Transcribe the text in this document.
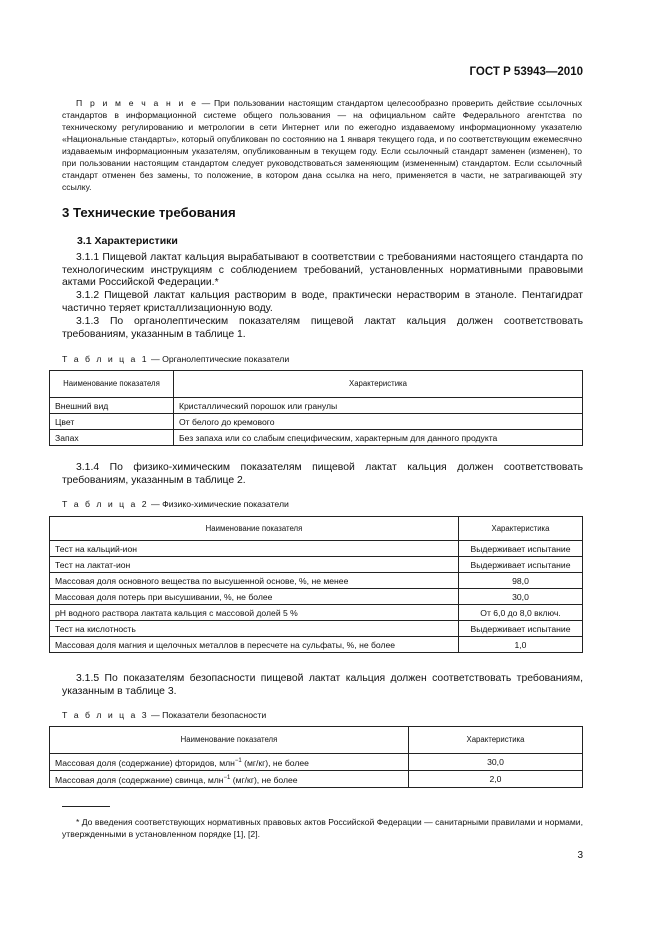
ГОСТ Р 53943—2010
П р и м е ч а н и е — При пользовании настоящим стандартом целесообразно проверить действие ссылочных стандартов в информационной системе общего пользования — на официальном сайте Федерального агентства по техническому регулированию и метрологии в сети Интернет или по ежегодно издаваемому информационному указателю «Национальные стандарты», который опубликован по состоянию на 1 января текущего года, и по соответствующим ежемесячно издаваемым информационным указателям, опубликованным в текущем году. Если ссылочный стандарт заменен (изменен), то при пользовании настоящим стандартом следует руководствоваться заменяющим (измененным) стандартом. Если ссылочный стандарт отменен без замены, то положение, в котором дана ссылка на него, применяется в части, не затрагивающей эту ссылку.
3 Технические требования
3.1 Характеристики
3.1.1 Пищевой лактат кальция вырабатывают в соответствии с требованиями настоящего стандарта по технологическим инструкциям с соблюдением требований, установленных нормативными правовыми актами Российской Федерации.*
3.1.2 Пищевой лактат кальция растворим в воде, практически нерастворим в этаноле. Пентагидрат частично теряет кристаллизационную воду.
3.1.3 По органолептическим показателям пищевой лактат кальция должен соответствовать требованиям, указанным в таблице 1.
Т а б л и ц а 1 — Органолептические показатели
Наименование показателя	Характеристика
Внешний вид	Кристаллический порошок или гранулы
Цвет	От белого до кремового
Запах	Без запаха или со слабым специфическим, характерным для данного продукта
3.1.4 По физико-химическим показателям пищевой лактат кальция должен соответствовать требованиям, указанным в таблице 2.
Т а б л и ц а 2 — Физико-химические показатели
Наименование показателя	Характеристика
Тест на кальций-ион	Выдерживает испытание
Тест на лактат-ион	Выдерживает испытание
Массовая доля основного вещества по высушенной основе, %, не менее	98,0
Массовая доля потерь при высушивании, %, не более	30,0
pH водного раствора лактата кальция с массовой долей 5 %	От 6,0 до 8,0 включ.
Тест на кислотность	Выдерживает испытание
Массовая доля магния и щелочных металлов в пересчете на сульфаты, %, не более	1,0
3.1.5 По показателям безопасности пищевой лактат кальция должен соответствовать требованиям, указанным в таблице 3.
Т а б л и ц а 3 — Показатели безопасности
Наименование показателя	Характеристика
Массовая доля (содержание) фторидов, млн$^{-1}$ (мг/кг), не более	30,0
Массовая доля (содержание) свинца, млн$^{-1}$ (мг/кг), не более	2,0
* До введения соответствующих нормативных правовых актов Российской Федерации — санитарными правилами и нормами, утвержденными в установленном порядке [1], [2].
3
